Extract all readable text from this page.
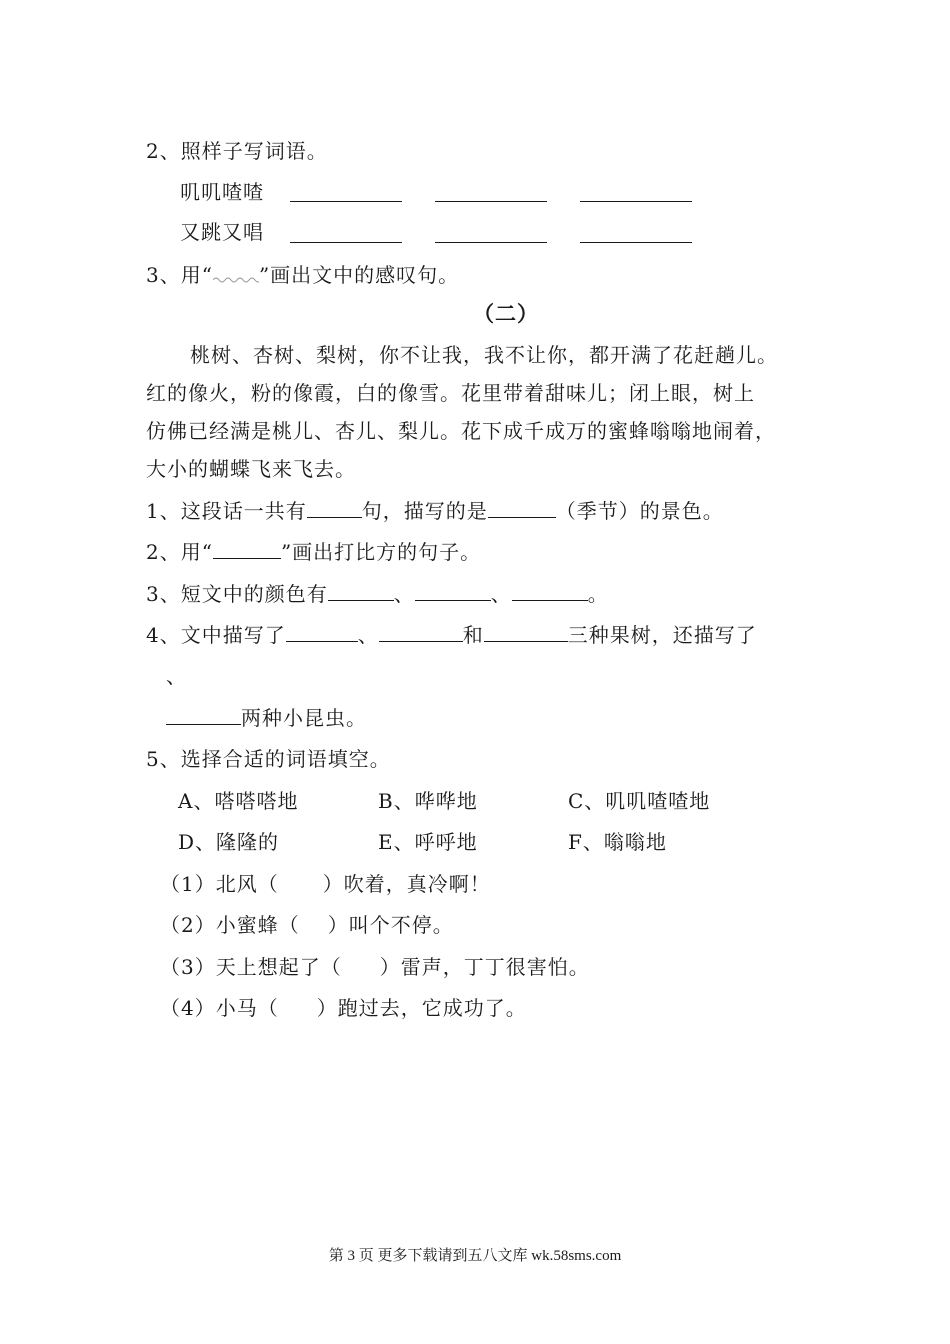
2、照样子写词语。
叽叽喳喳
又跳又唱
3、用“ ”画出文中的感叹句。
（二）
桃树、杏树、梨树，你不让我，我不让你，都开满了花赶趟儿。
红的像火，粉的像霞，白的像雪。花里带着甜味儿；闭上眼，树上
仿佛已经满是桃儿、杏儿、梨儿。花下成千成万的蜜蜂嗡嗡地闹着，
大小的蝴蝶飞来飞去。
1、这段话一共有	句，描写的是	（季节）的景色。
2、用“	”画出打比方的句子。
3、短文中的颜色有	、	、	。
4、文中描写了	、	和	三种果树，还描写了
、
两种小昆虫。
5、选择合适的词语填空。
A、嗒嗒嗒地	B、哗哗地	C、叽叽喳喳地
D、隆隆的	E、呼呼地	F、嗡嗡地
（1）北风（ ）吹着，真冷啊！
（2）小蜜蜂（ ）叫个不停。
（3）天上想起了（ ）雷声，丁丁很害怕。
（4）小马（ ）跑过去，它成功了。
第 3 页 更多下载请到五八文库 wk.58sms.com
